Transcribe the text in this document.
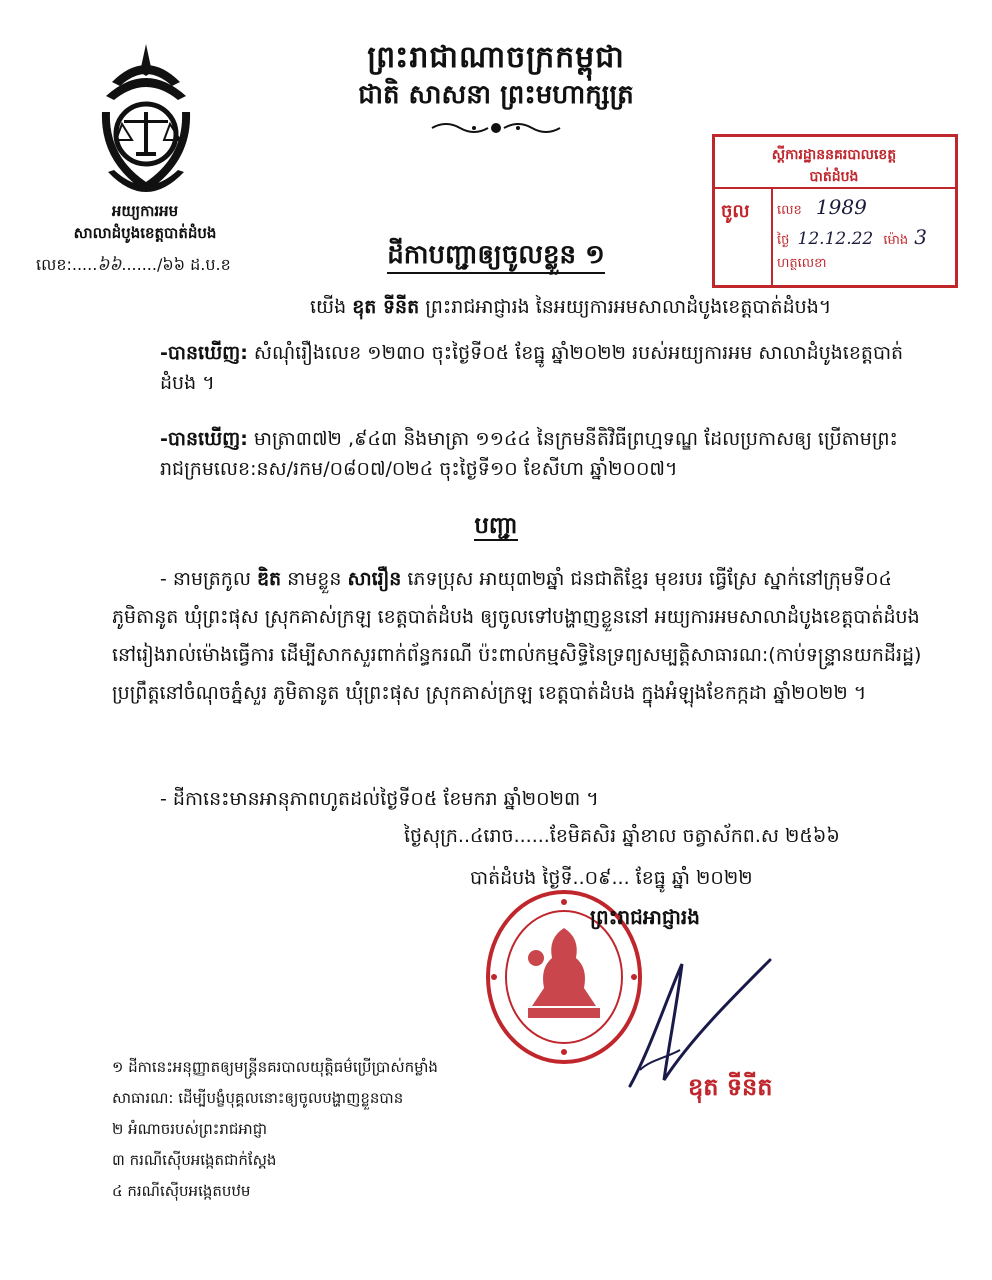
ព្រះរាជាណាចក្រកម្ពុជា
ជាតិ សាសនា ព្រះមហាក្សត្រ
អយ្យការអម
សាលាដំបូងខេត្តបាត់ដំបង
លេខ:.....៦៦......./៦៦ ដ.ប.ខ
ស្ដីការដ្ឋាននគរបាលខេត្ត
បាត់ដំបង
ចូល	លេខ 1989
ថ្ងៃ 12.12.22 ម៉ោង 3
ហត្ថលេខា
ដីកាបញ្ជាឲ្យចូលខ្លួន ១
យើង ឧុត ទីនីត ព្រះរាជអាជ្ញារង នៃអយ្យការអមសាលាដំបូងខេត្តបាត់ដំបង។
-បានឃើញ: សំណុំរឿងលេខ ១២៣០ ចុះថ្ងៃទី០៥ ខែធ្នូ ឆ្នាំ២០២២ របស់អយ្យការអម សាលាដំបូងខេត្តបាត់ដំបង ។
-បានឃើញ: មាត្រា៣៧២ ,៩៤៣ និងមាត្រា ១១៤៤ នៃក្រមនីតិវិធីព្រហ្មទណ្ឌ ដែលប្រកាសឲ្យ ប្រើតាមព្រះរាជក្រមលេខ:នស/រកម/០៨០៧/០២៤ ចុះថ្ងៃទី១០ ខែសីហា ឆ្នាំ២០០៧។
បញ្ជា
- នាមត្រកូល ឌិត នាមខ្លួន សារឿន ភេទប្រុស អាយុ៣២ឆ្នាំ ជនជាតិខ្មែរ មុខរបរ ធ្វើស្រែ ស្នាក់នៅក្រុមទី០៤ ភូមិតានូត ឃុំព្រះផុស ស្រុកគាស់ក្រឡ ខេត្តបាត់ដំបង ឲ្យចូលទៅបង្ហាញខ្លួននៅ អយ្យការអមសាលាដំបូងខេត្តបាត់ដំបង នៅរៀងរាល់ម៉ោងធ្វើការ ដើម្បីសាកសួរពាក់ព័ន្ធករណី ប៉ះពាល់កម្មសិទ្ធិនៃទ្រព្យសម្បត្តិសាធារណ:(កាប់ទន្ទ្រានយកដីរដ្ឋ) ប្រព្រឹត្តនៅចំណុចភ្នំសួរ ភូមិតានូត ឃុំព្រះផុស ស្រុកគាស់ក្រឡ ខេត្តបាត់ដំបង ក្នុងអំឡុងខែកក្កដា ឆ្នាំ២០២២ ។
- ដីកានេះមានអានុភាពហូតដល់ថ្ងៃទី០៥ ខែមករា ឆ្នាំ២០២៣ ។
ថ្ងៃសុក្រ..៤រោច......ខែមិគសិរ ឆ្នាំខាល ចត្វាស័ក​ព.ស ២៥៦៦
បាត់ដំបង ថ្ងៃទី..០៩... ខែធ្នូ ឆ្នាំ ២០២២
ព្រះរាជអាជ្ញារង
ឧុត ទីនីត
១ ដីកានេះអនុញ្ញាតឲ្យមន្ត្រីនគរបាលយុត្តិធម៌ប្រើប្រាស់កម្លាំង
សាធារណ: ដើម្បីបង្ខំបុគ្គលនោះឲ្យចូលបង្ហាញខ្លួនបាន
២ អំណាចរបស់ព្រះរាជអាជ្ញា
៣ ករណីស៊ើបអង្កេតជាក់ស្ដែង
៤ ករណីស៊ើបអង្កេតបឋម
